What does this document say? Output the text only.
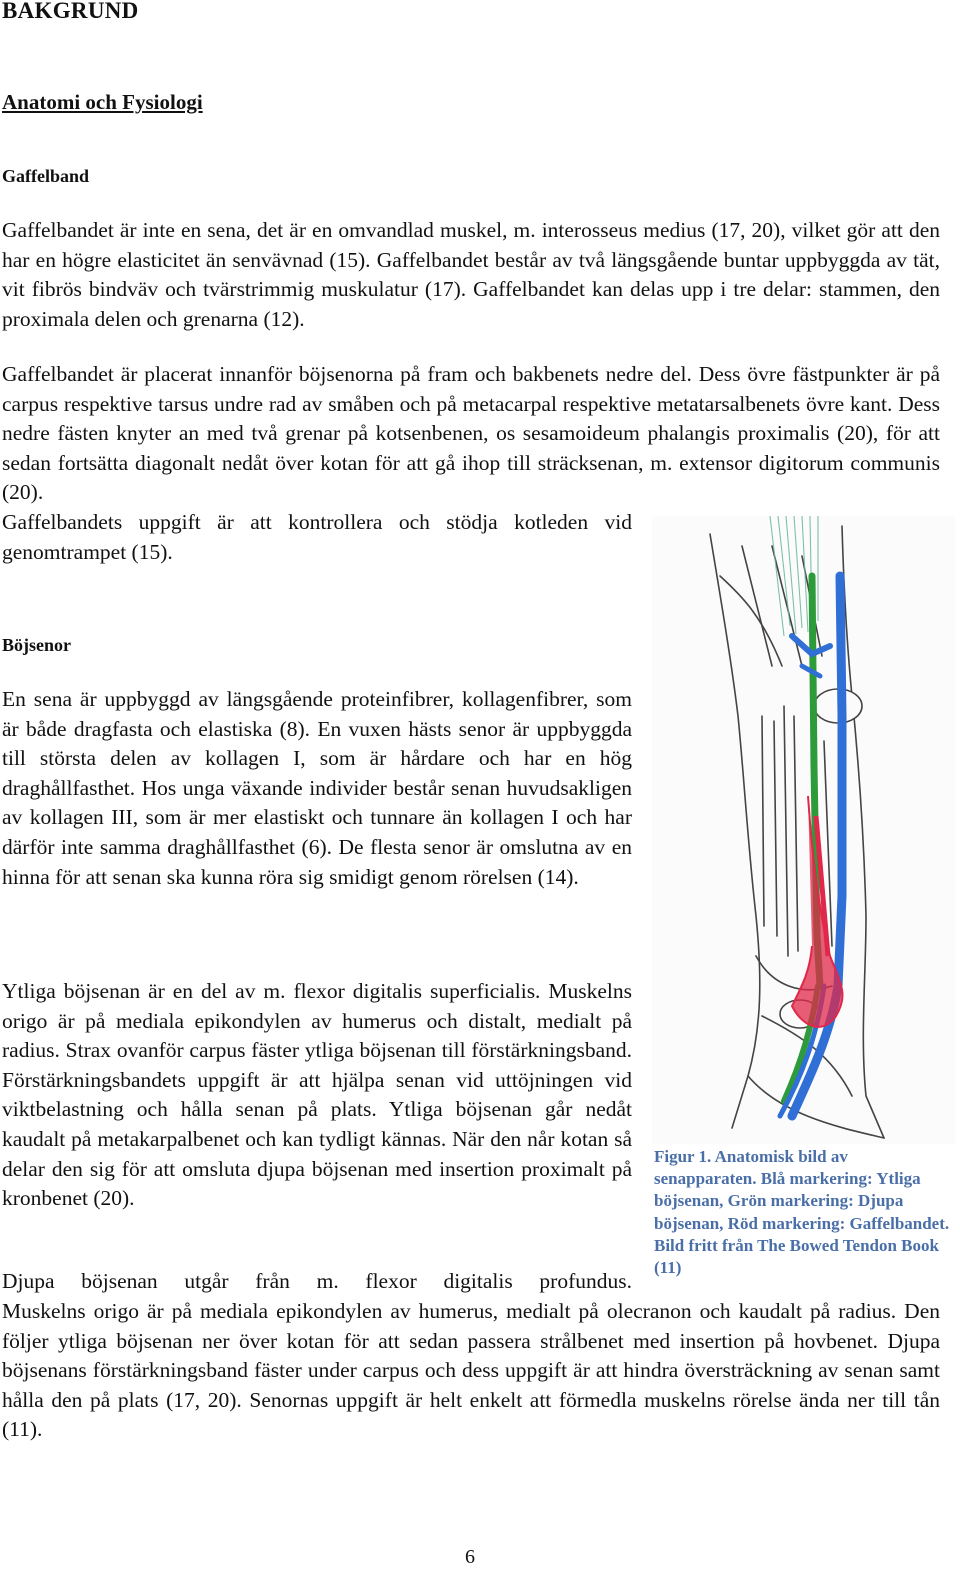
BAKGRUND
Anatomi och Fysiologi
Gaffelband

Gaffelbandet är inte en sena, det är en omvandlad muskel, m. interosseus medius (17, 20), vilket gör att den har en högre elasticitet än senvävnad (15). Gaffelbandet består av två längsgående buntar uppbyggda av tät, vit fibrös bindväv och tvärstrimmig muskulatur (17). Gaffelbandet kan delas upp i tre delar: stammen, den proximala delen och grenarna (12).

Gaffelbandet är placerat innanför böjsenorna på fram och bakbenets nedre del. Dess övre fästpunkter är på carpus respektive tarsus undre rad av småben och på metacarpal respektive metatarsalbenets övre kant. Dess nedre fästen knyter an med två grenar på kotsenbenen, os sesamoideum phalangis proximalis (20), för att sedan fortsätta diagonalt nedåt över kotan för att gå ihop till sträcksenan, m. extensor digitorum communis (20).

Gaffelbandets uppgift är att kontrollera och stödja kotleden vid genomtrampet (15).

Böjsenor

En sena är uppbyggd av längsgående proteinfibrer, kollagenfibrer, som är både dragfasta och elastiska (8). En vuxen hästs senor är uppbyggda till största delen av kollagen I, som är hårdare och har en hög draghållfasthet. Hos unga växande individer består senan huvudsakligen av kollagen III, som är mer elastiskt och tunnare än kollagen I och har därför inte samma draghållfasthet (6). De flesta senor är omslutna av en hinna för att senan ska kunna röra sig smidigt genom rörelsen (14).

Ytliga böjsenan är en del av m. flexor digitalis superficialis. Muskelns origo är på mediala epikondylen av humerus och distalt, medialt på radius. Strax ovanför carpus fäster ytliga böjsenan till förstärkningsband. Förstärkningsbandets uppgift är att hjälpa senan vid uttöjningen vid viktbelastning och hålla senan på plats. Ytliga böjsenan går nedåt kaudalt på metakarpalbenet och kan tydligt kännas. När den når kotan så delar den sig för att omsluta djupa böjsenan med insertion proximalt på kronbenet (20).

Djupa böjsenan utgår från m. flexor digitalis profundus.

Muskelns origo är på mediala epikondylen av humerus, medialt på olecranon och kaudalt på radius. Den följer ytliga böjsenan ner över kotan för att sedan passera strålbenet med insertion på hovbenet. Djupa böjsenans förstärkningsband fäster under carpus och dess uppgift är att hindra översträckning av senan samt hålla den på plats (17, 20). Senornas uppgift är helt enkelt att förmedla muskelns rörelse ända ner till tån (11).

Figur 1. Anatomisk bild av senapparaten. Blå markering: Ytliga böjsenan, Grön markering: Djupa böjsenan, Röd markering: Gaffelbandet. Bild fritt från The Bowed Tendon Book (11)

6
